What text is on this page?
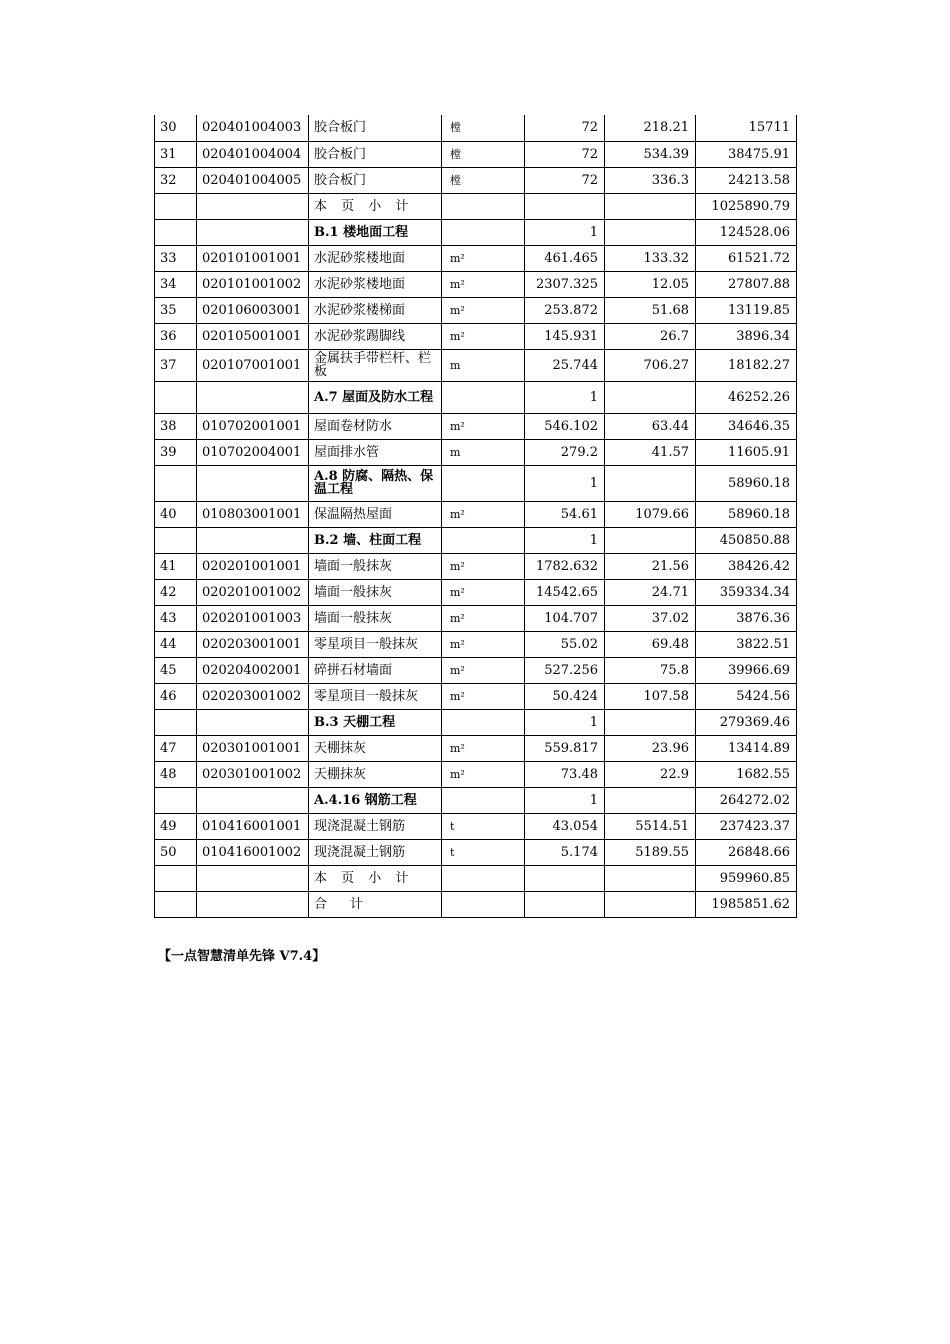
30	020401004003	胶合板门	樘	72	218.21	15711
31	020401004004	胶合板门	樘	72	534.39	38475.91
32	020401004005	胶合板门	樘	72	336.3	24213.58
		本 页 小 计				1025890.79
		B.1 楼地面工程		1		124528.06
33	020101001001	水泥砂浆楼地面	m²	461.465	133.32	61521.72
34	020101001002	水泥砂浆楼地面	m²	2307.325	12.05	27807.88
35	020106003001	水泥砂浆楼梯面	m²	253.872	51.68	13119.85
36	020105001001	水泥砂浆踢脚线	m²	145.931	26.7	3896.34
37	020107001001	金属扶手带栏杆、栏板	m	25.744	706.27	18182.27
		A.7 屋面及防水工程		1		46252.26
38	010702001001	屋面卷材防水	m²	546.102	63.44	34646.35
39	010702004001	屋面排水管	m	279.2	41.57	11605.91
		A.8 防腐、隔热、保温工程		1		58960.18
40	010803001001	保温隔热屋面	m²	54.61	1079.66	58960.18
		B.2 墙、柱面工程		1		450850.88
41	020201001001	墙面一般抹灰	m²	1782.632	21.56	38426.42
42	020201001002	墙面一般抹灰	m²	14542.65	24.71	359334.34
43	020201001003	墙面一般抹灰	m²	104.707	37.02	3876.36
44	020203001001	零星项目一般抹灰	m²	55.02	69.48	3822.51
45	020204002001	碎拼石材墙面	m²	527.256	75.8	39966.69
46	020203001002	零星项目一般抹灰	m²	50.424	107.58	5424.56
		B.3 天棚工程		1		279369.46
47	020301001001	天棚抹灰	m²	559.817	23.96	13414.89
48	020301001002	天棚抹灰	m²	73.48	22.9	1682.55
		A.4.16 钢筋工程		1		264272.02
49	010416001001	现浇混凝土钢筋	t	43.054	5514.51	237423.37
50	010416001002	现浇混凝土钢筋	t	5.174	5189.55	26848.66
		本 页 小 计				959960.85
		合　计				1985851.62
【一点智慧清单先锋 V7.4】
